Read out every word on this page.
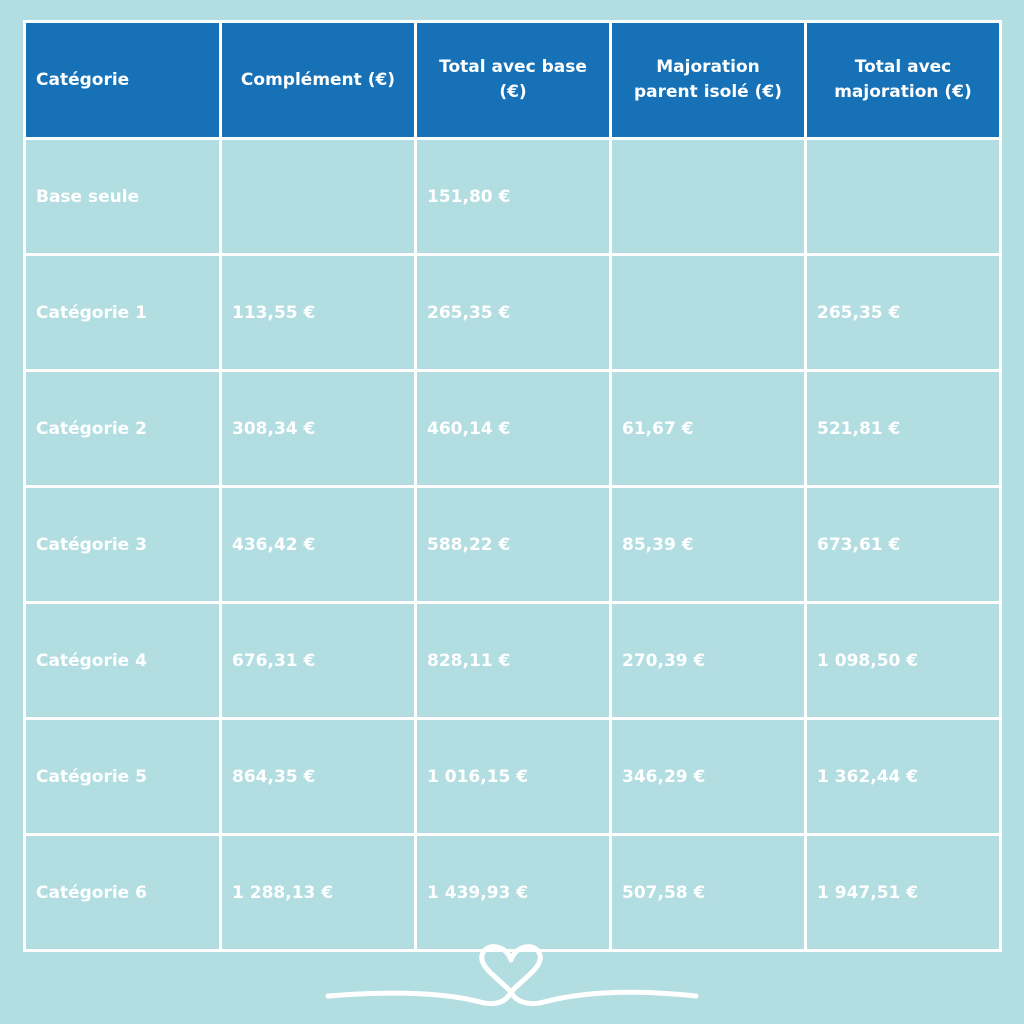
Catégorie	Complément (€)	Total avec base (€)	Majoration parent isolé (€)	Total avec majoration (€)
Base seule		151,80 €		
Catégorie 1	113,55 €	265,35 €		265,35 €
Catégorie 2	308,34 €	460,14 €	61,67 €	521,81 €
Catégorie 3	436,42 €	588,22 €	85,39 €	673,61 €
Catégorie 4	676,31 €	828,11 €	270,39 €	1 098,50 €
Catégorie 5	864,35 €	1 016,15 €	346,29 €	1 362,44 €
Catégorie 6	1 288,13 €	1 439,93 €	507,58 €	1 947,51 €
